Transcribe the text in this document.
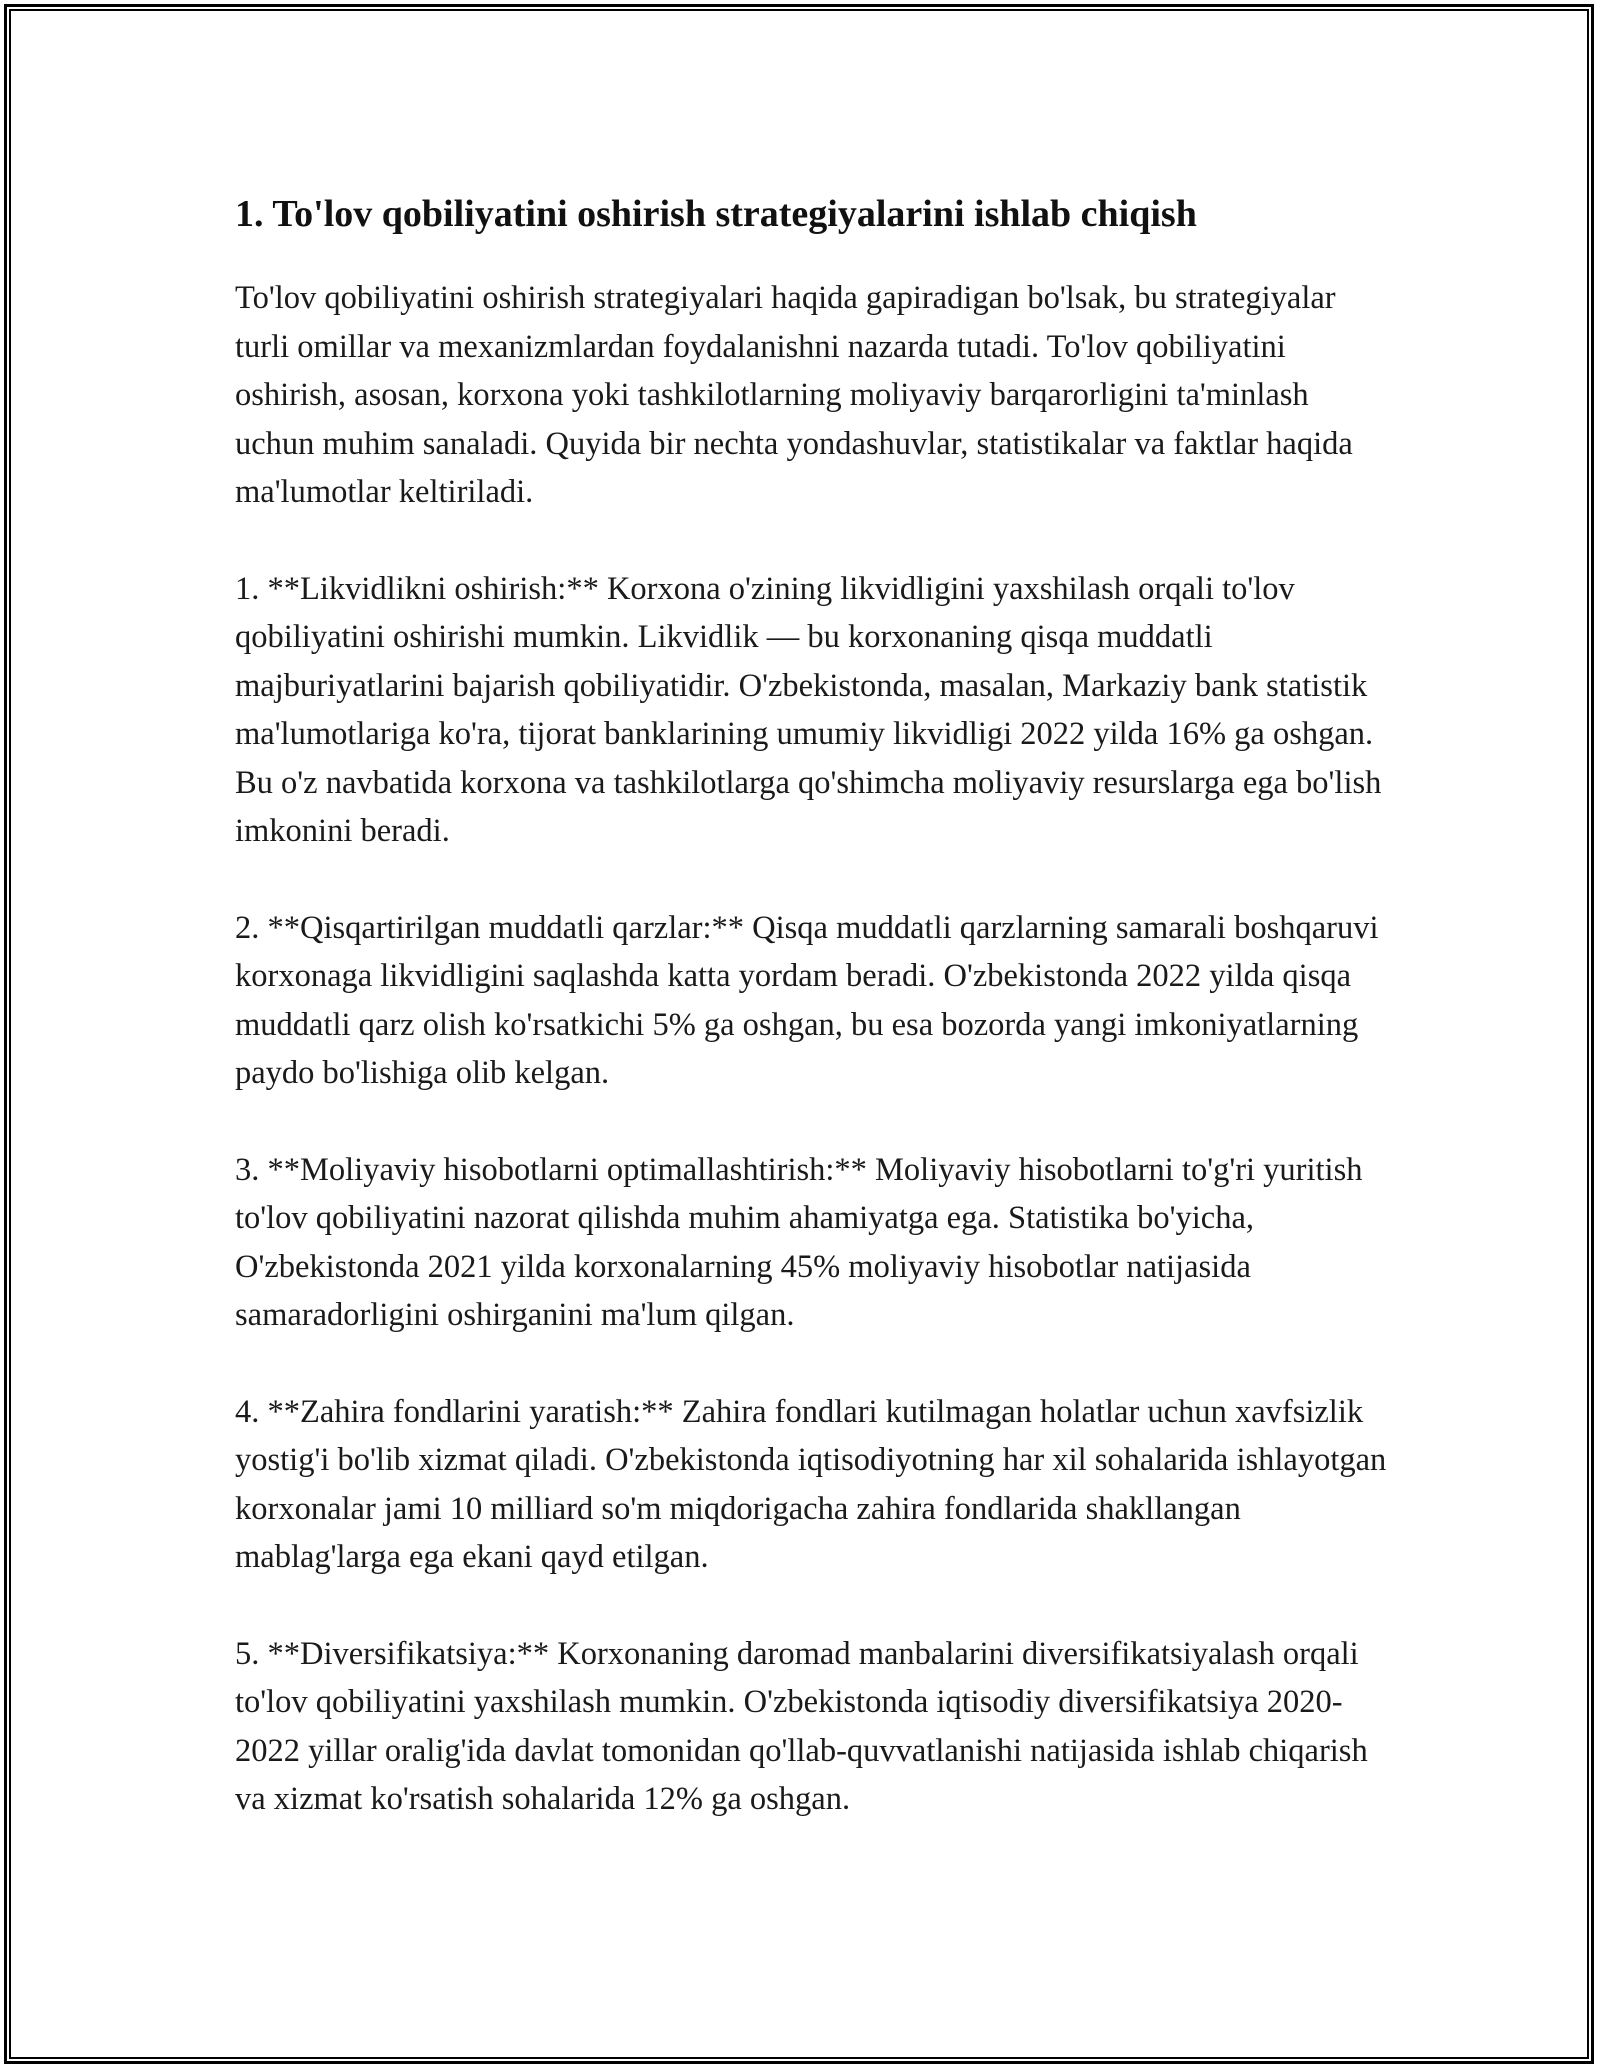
1. To'lov qobiliyatini oshirish strategiyalarini ishlab chiqish

To'lov qobiliyatini oshirish strategiyalari haqida gapiradigan bo'lsak, bu strategiyalar turli omillar va mexanizmlardan foydalanishni nazarda tutadi. To'lov qobiliyatini oshirish, asosan, korxona yoki tashkilotlarning moliyaviy barqarorligini ta'minlash uchun muhim sanaladi. Quyida bir nechta yondashuvlar, statistikalar va faktlar haqida ma'lumotlar keltiriladi.

1. **Likvidlikni oshirish:** Korxona o'zining likvidligini yaxshilash orqali to'lov qobiliyatini oshirishi mumkin. Likvidlik — bu korxonaning qisqa muddatli majburiyatlarini bajarish qobiliyatidir. O'zbekistonda, masalan, Markaziy bank statistik ma'lumotlariga ko'ra, tijorat banklarining umumiy likvidligi 2022 yilda 16% ga oshgan. Bu o'z navbatida korxona va tashkilotlarga qo'shimcha moliyaviy resurslarga ega bo'lish imkonini beradi.

2. **Qisqartirilgan muddatli qarzlar:** Qisqa muddatli qarzlarning samarali boshqaruvi korxonaga likvidligini saqlashda katta yordam beradi. O'zbekistonda 2022 yilda qisqa muddatli qarz olish ko'rsatkichi 5% ga oshgan, bu esa bozorda yangi imkoniyatlarning paydo bo'lishiga olib kelgan.

3. **Moliyaviy hisobotlarni optimallashtirish:** Moliyaviy hisobotlarni to'g'ri yuritish to'lov qobiliyatini nazorat qilishda muhim ahamiyatga ega. Statistika bo'yicha, O'zbekistonda 2021 yilda korxonalarning 45% moliyaviy hisobotlar natijasida samaradorligini oshirganini ma'lum qilgan.

4. **Zahira fondlarini yaratish:** Zahira fondlari kutilmagan holatlar uchun xavfsizlik yostig'i bo'lib xizmat qiladi. O'zbekistonda iqtisodiyotning har xil sohalarida ishlayotgan korxonalar jami 10 milliard so'm miqdorigacha zahira fondlarida shakllangan mablag'larga ega ekani qayd etilgan.

5. **Diversifikatsiya:** Korxonaning daromad manbalarini diversifikatsiyalash orqali to'lov qobiliyatini yaxshilash mumkin. O'zbekistonda iqtisodiy diversifikatsiya 2020-2022 yillar oralig'ida davlat tomonidan qo'llab-quvvatlanishi natijasida ishlab chiqarish va xizmat ko'rsatish sohalarida 12% ga oshgan.
